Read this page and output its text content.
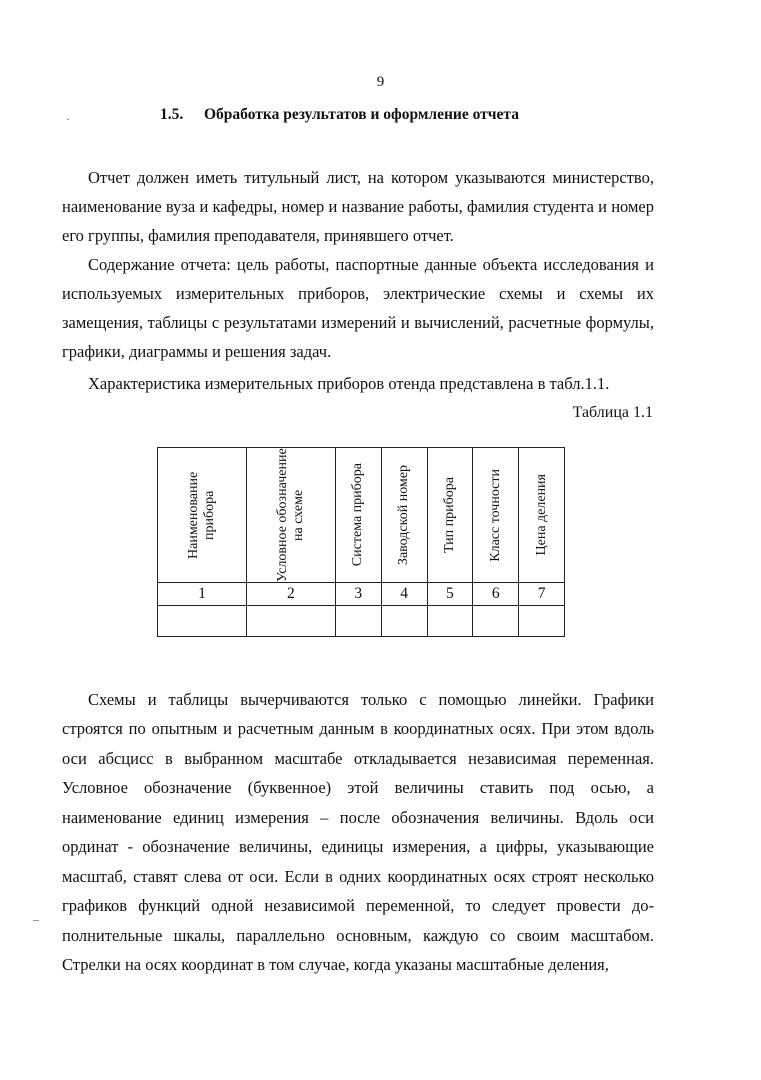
9
1.5. Обработка результатов и оформление отчета

Отчет должен иметь титульный лист, на котором указываются министерство, наименование вуза и кафедры, номер и название работы, фамилия студента и номер его группы, фамилия преподавателя, принявшего отчет.

Содержание отчета: цель работы, паспортные данные объекта исследования и используемых измерительных приборов, электрические схемы и схемы их замещения, таблицы с результатами измерений и вычислений, расчетные формулы, графики, диаграммы и решения задач.

Характеристика измерительных приборов отенда представлена в табл.1.1.

Таблица 1.1
Наименование прибора	Условное обозначение на схеме	Система прибора	Заводской номер	Тип прибора	Класс точности	Цена деления

1	2	3	4	5	6	7

Схемы и таблицы вычерчиваются только с помощью линейки. Графики строятся по опытным и расчетным данным в координатных осях. При этом вдоль оси абсцисс в выбранном масштабе откладывается независимая переменная. Условное обозначение (буквенное) этой величины ставить под осью, а наименование единиц измерения – после обозначения величины. Вдоль оси ординат - обозначение величины, единицы измерения, а цифры, указывающие масштаб, ставят слева от оси. Если в одних координатных осях строят несколько графиков функций одной независимой переменной, то следует провести дополнительные шкалы, параллельно основным, каждую со своим масштабом. Стрелки на осях координат в том случае, когда указаны масштабные деления,

·
–
